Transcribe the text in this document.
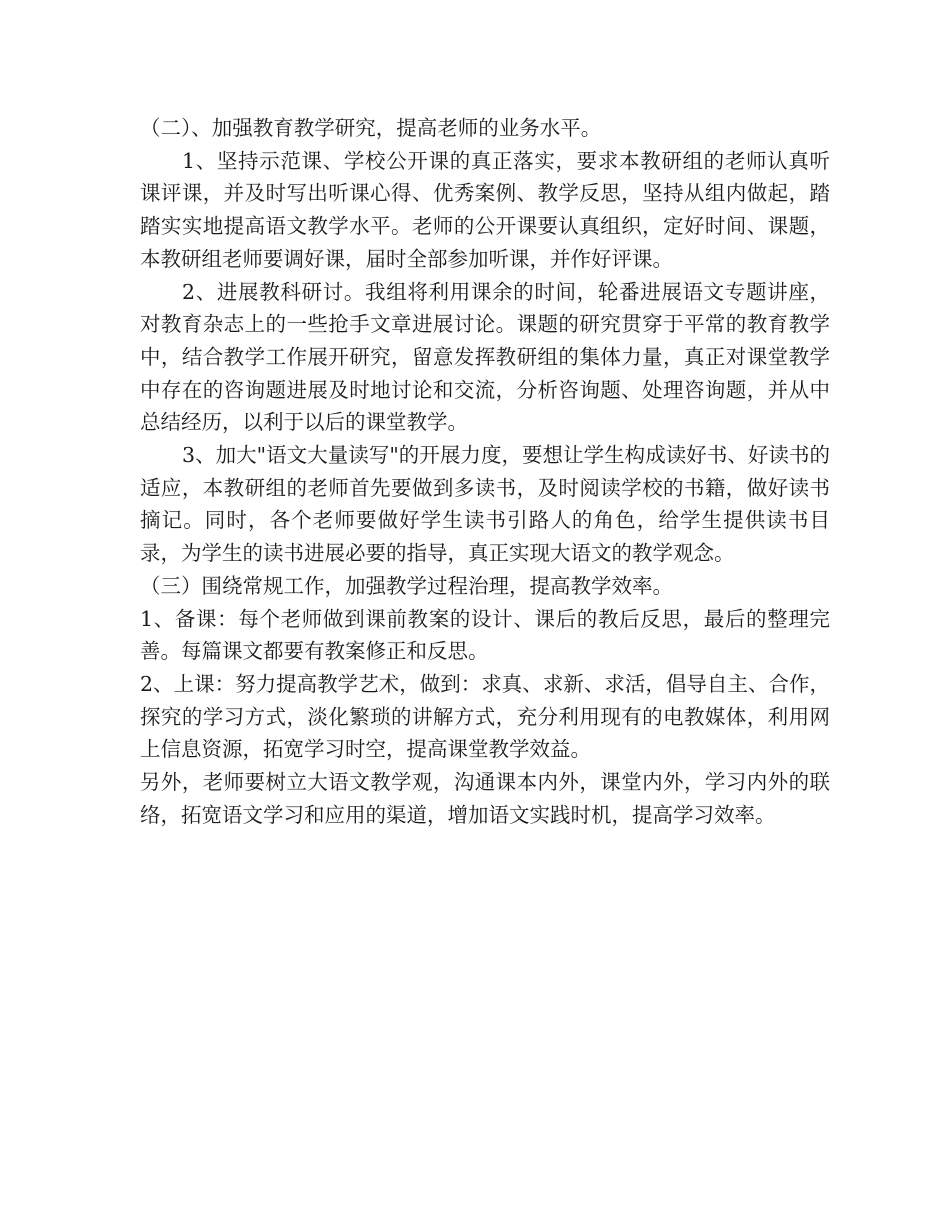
（二）、加强教育教学研究，提高老师的业务水平。

1、坚持示范课、学校公开课的真正落实，要求本教研组的老师认真听课评课，并及时写出听课心得、优秀案例、教学反思，坚持从组内做起，踏踏实实地提高语文教学水平。老师的公开课要认真组织，定好时间、课题，本教研组老师要调好课，届时全部参加听课，并作好评课。

2、进展教科研讨。我组将利用课余的时间，轮番进展语文专题讲座，对教育杂志上的一些抢手文章进展讨论。课题的研究贯穿于平常的教育教学中，结合教学工作展开研究，留意发挥教研组的集体力量，真正对课堂教学中存在的咨询题进展及时地讨论和交流，分析咨询题、处理咨询题，并从中总结经历，以利于以后的课堂教学。

3、加大"语文大量读写"的开展力度，要想让学生构成读好书、好读书的适应，本教研组的老师首先要做到多读书，及时阅读学校的书籍，做好读书摘记。同时，各个老师要做好学生读书引路人的角色，给学生提供读书目录，为学生的读书进展必要的指导，真正实现大语文的教学观念。

（三）围绕常规工作，加强教学过程治理，提高教学效率。

1、备课：每个老师做到课前教案的设计、课后的教后反思，最后的整理完善。每篇课文都要有教案修正和反思。

2、上课：努力提高教学艺术，做到：求真、求新、求活，倡导自主、合作，探究的学习方式，淡化繁琐的讲解方式，充分利用现有的电教媒体，利用网上信息资源，拓宽学习时空，提高课堂教学效益。

另外，老师要树立大语文教学观，沟通课本内外，课堂内外，学习内外的联络，拓宽语文学习和应用的渠道，增加语文实践时机，提高学习效率。
